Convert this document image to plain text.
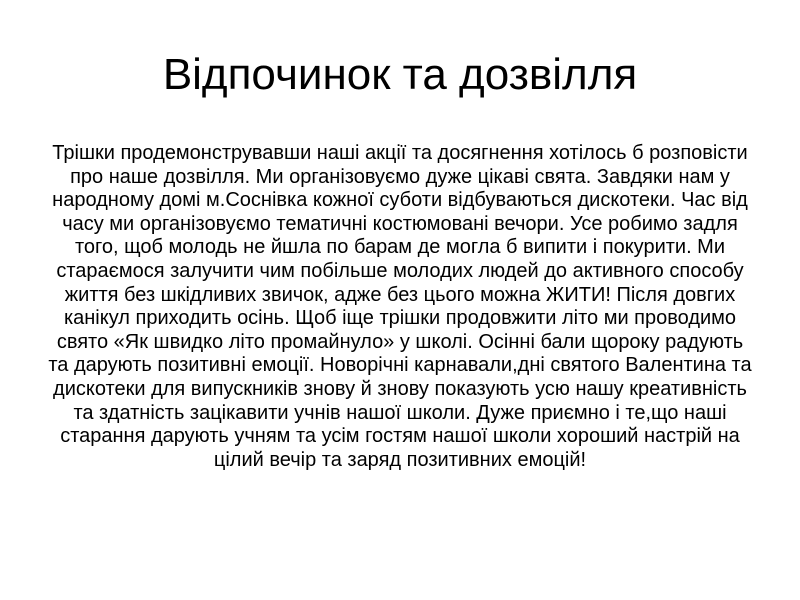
Відпочинок та дозвілля

Трішки продемонструвавши наші акції та досягнення хотілось б розповісти про наше дозвілля. Ми організовуємо дуже цікаві свята. Завдяки нам у народному домі м.Соснівка кожної суботи відбуваються дискотеки. Час від часу ми організовуємо тематичні костюмовані вечори. Усе робимо задля того, щоб молодь не йшла по барам де могла б випити і покурити. Ми стараємося залучити чим побільше молодих людей до активного способу життя без шкідливих звичок, адже без цього можна ЖИТИ! Після довгих канікул приходить осінь. Щоб іще трішки продовжити літо ми проводимо свято «Як швидко літо промайнуло» у школі. Осінні бали щороку радують та дарують позитивні емоції. Новорічні карнавали,дні святого Валентина та дискотеки для випускників знову й знову показують усю нашу креативність та здатність зацікавити учнів нашої школи. Дуже приємно і те,що наші старання дарують учням та усім гостям нашої школи хороший настрій на цілий вечір та заряд позитивних емоцій!
